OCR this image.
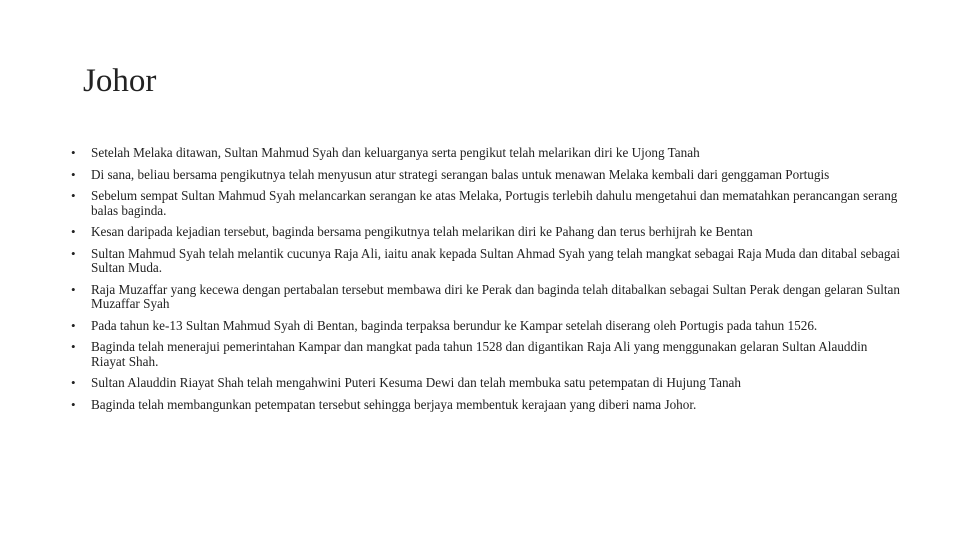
Johor
• Setelah Melaka ditawan, Sultan Mahmud Syah dan keluarganya serta pengikut telah melarikan diri ke Ujong Tanah
• Di sana, beliau bersama pengikutnya telah menyusun atur strategi serangan balas untuk menawan Melaka kembali dari genggaman Portugis
• Sebelum sempat Sultan Mahmud Syah melancarkan serangan ke atas Melaka, Portugis terlebih dahulu mengetahui dan mematahkan perancangan serang balas baginda.
• Kesan daripada kejadian tersebut, baginda bersama pengikutnya telah melarikan diri ke Pahang dan terus berhijrah ke Bentan
• Sultan Mahmud Syah telah melantik cucunya Raja Ali, iaitu anak kepada Sultan Ahmad Syah yang telah mangkat sebagai Raja Muda dan ditabal sebagai Sultan Muda.
• Raja Muzaffar yang kecewa dengan pertabalan tersebut membawa diri ke Perak dan baginda telah ditabalkan sebagai Sultan Perak dengan gelaran Sultan Muzaffar Syah
• Pada tahun ke-13 Sultan Mahmud Syah di Bentan, baginda terpaksa berundur ke Kampar setelah diserang oleh Portugis pada tahun 1526.
• Baginda telah menerajui pemerintahan Kampar dan mangkat pada tahun 1528 dan digantikan Raja Ali yang menggunakan gelaran Sultan Alauddin Riayat Shah.
• Sultan Alauddin Riayat Shah telah mengahwini Puteri Kesuma Dewi dan telah membuka satu petempatan di Hujung Tanah
• Baginda telah membangunkan petempatan tersebut sehingga berjaya membentuk kerajaan yang diberi nama Johor.
